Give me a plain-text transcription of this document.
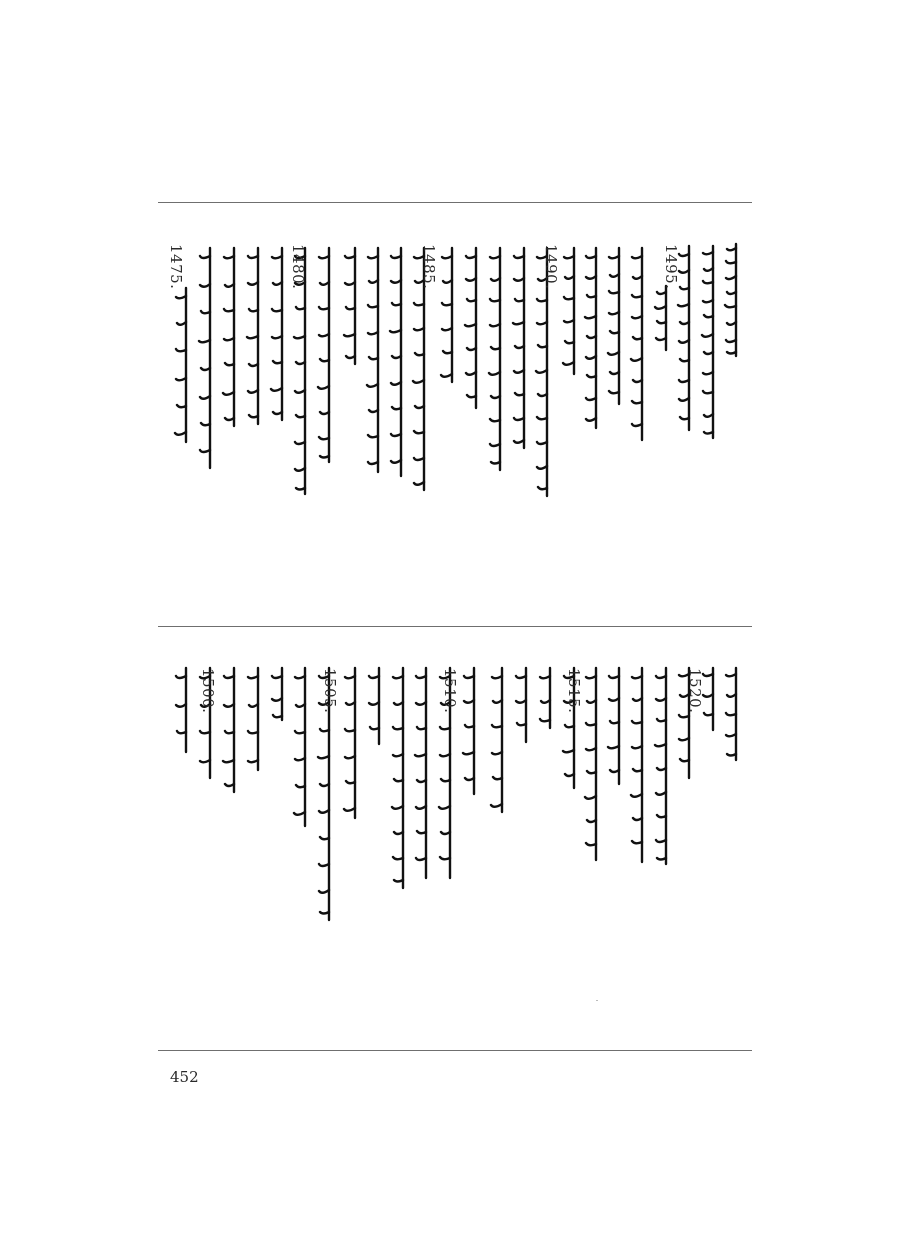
1495.
1490.
1485.
1480.
1475.
1520.
1515.
1510.
1505.
1500.
452
